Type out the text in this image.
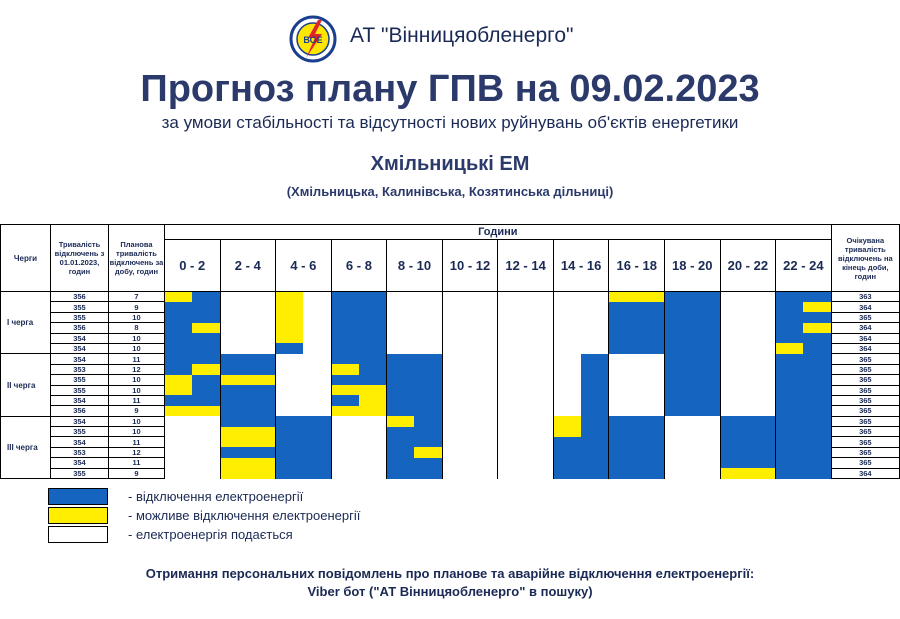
ВОЕ АТ "Вінницяобленерго"
Прогноз плану ГПВ на 09.02.2023
за умови стабільності та відсутності нових руйнувань об'єктів енергетики
Хмільницькі ЕМ
(Хмільницька, Калинівська, Козятинська дільниці)
Черги	Тривалість відключень з 01.01.2023, годин	Планова тривалість відключень за добу, годин	Години																								Очікувана тривалість відключень на кінець доби, годин
			0 - 2		2 - 4		4 - 6		6 - 8		8 - 10		10 - 12		12 - 14		14 - 16		16 - 18		18 - 20		20 - 22		22 - 24		
І черга	356	7																									363
	355	9																									364
	355	10																									365
	356	8																									364
	354	10																									364
	354	10																									364
ІІ черга	354	11																									365
	353	12																									365
	355	10																									365
	355	10																									365
	354	11																									365
	356	9																									365
ІІІ черга	354	10																									365
	355	10																									365
	354	11																									365
	353	12																									365
	354	11																									365
	355	9																									364
- відключення електроенергії
- можливе відключення електроенергії
- електроенергія подається
Отримання персональних повідомлень про планове та аварійне відключення електроенергії:
Viber бот ("АТ Вінницяобленерго" в пошуку)
